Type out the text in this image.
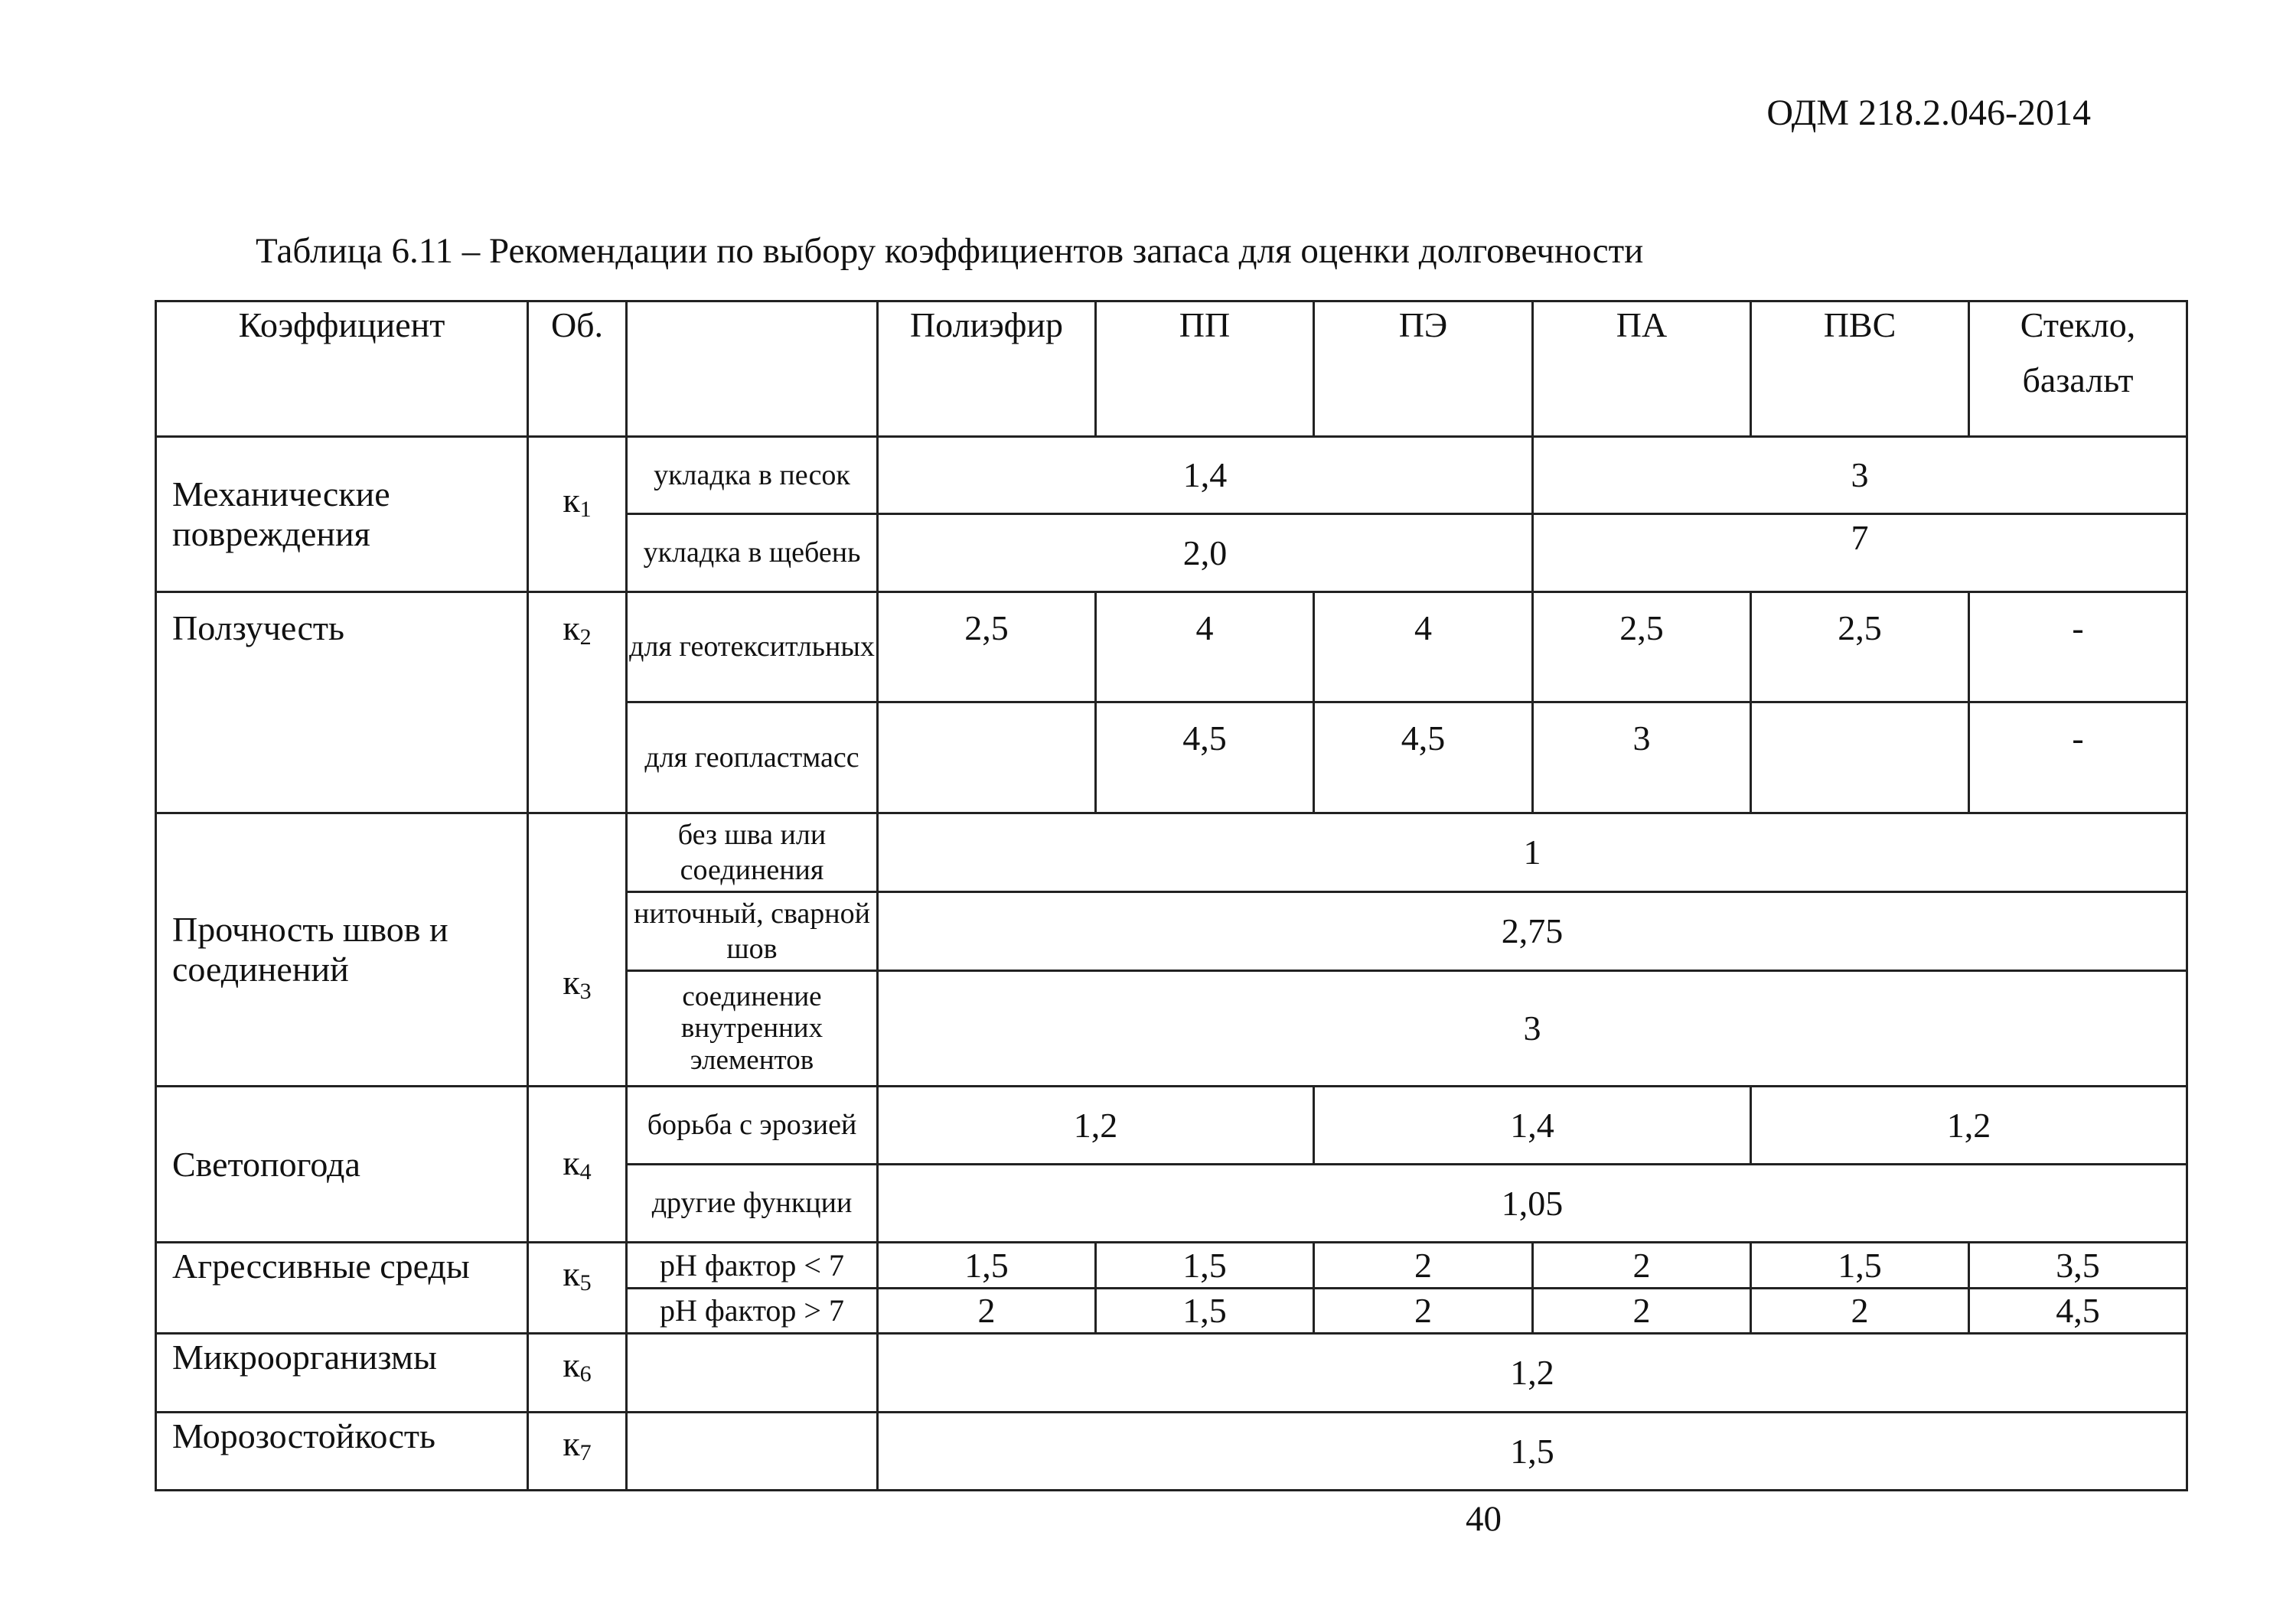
ОДМ 218.2.046-2014
Таблица 6.11 – Рекомендации по выбору коэффициентов запаса для оценки долговечности
Коэффициент	Об.		Полиэфир	ПП	ПЭ	ПА	ПВС	Стекло,
базальт

Механические повреждения	$к_1$	укладка в песок	1,4			3		
		укладка в щебень	2,0			7		
Ползучесть	$к_2$	для геотекситльных	2,5	4	4	2,5	2,5	-
		для геопластмасс		4,5	4,5	3		-
Прочность швов и соединений	$к_3$	без шва или соединения	1					
		ниточный, сварной шов	2,75					
		соединение внутренних элементов	3					
Светопогода	$к_4$	борьба с эрозией	1,2		1,4		1,2	
		другие функции	1,05					
Агрессивные среды	$к_5$	pH фактор < 7	1,5	1,5	2	2	1,5	3,5
		pH фактор > 7	2	1,5	2	2	2	4,5
Микроорганизмы	$к_6$		1,2					
Морозостойкость	$к_7$		1,5					
40
